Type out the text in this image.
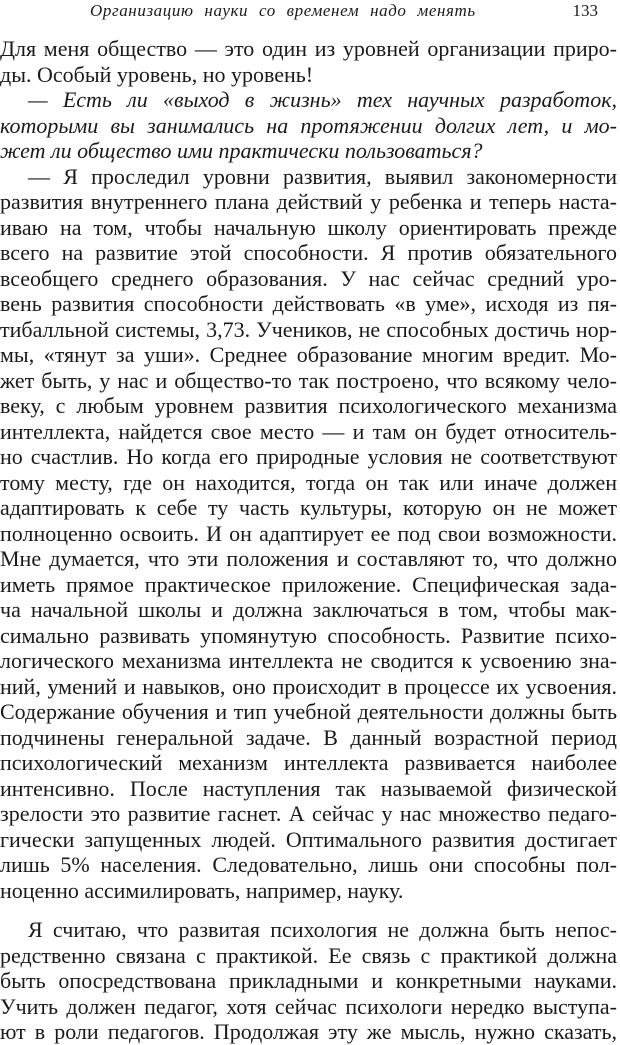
Организацию науки со временем надо менять	133
Для меня общество — это один из уровней организации приро-
ды. Особый уровень, но уровень!
— Есть ли «выход в жизнь» тех научных разработок,
которыми вы занимались на протяжении долгих лет, и мо-
жет ли общество ими практически пользоваться?
— Я проследил уровни развития, выявил закономерности
развития внутреннего плана действий у ребенка и теперь наста-
иваю на том, чтобы начальную школу ориентировать прежде
всего на развитие этой способности. Я против обязательного
всеобщего среднего образования. У нас сейчас средний уро-
вень развития способности действовать «в уме», исходя из пя-
тибалльной системы, 3,73. Учеников, не способных достичь нор-
мы, «тянут за уши». Среднее образование многим вредит. Мо-
жет быть, у нас и общество-то так построено, что всякому чело-
веку, с любым уровнем развития психологического механизма
интеллекта, найдется свое место — и там он будет относитель-
но счастлив. Но когда его природные условия не соответствуют
тому месту, где он находится, тогда он так или иначе должен
адаптировать к себе ту часть культуры, которую он не может
полноценно освоить. И он адаптирует ее под свои возможности.
Мне думается, что эти положения и составляют то, что должно
иметь прямое практическое приложение. Специфическая зада-
ча начальной школы и должна заключаться в том, чтобы мак-
симально развивать упомянутую способность. Развитие психо-
логического механизма интеллекта не сводится к усвоению зна-
ний, умений и навыков, оно происходит в процессе их усвоения.
Содержание обучения и тип учебной деятельности должны быть
подчинены генеральной задаче. В данный возрастной период
психологический механизм интеллекта развивается наиболее
интенсивно. После наступления так называемой физической
зрелости это развитие гаснет. А сейчас у нас множество педаго-
гически запущенных людей. Оптимального развития достигает
лишь 5% населения. Следовательно, лишь они способны пол-
ноценно ассимилировать, например, науку.
Я считаю, что развитая психология не должна быть непос-
редственно связана с практикой. Ее связь с практикой должна
быть опосредствована прикладными и конкретными науками.
Учить должен педагог, хотя сейчас психологи нередко выступа-
ют в роли педагогов. Продолжая эту же мысль, нужно сказать,
